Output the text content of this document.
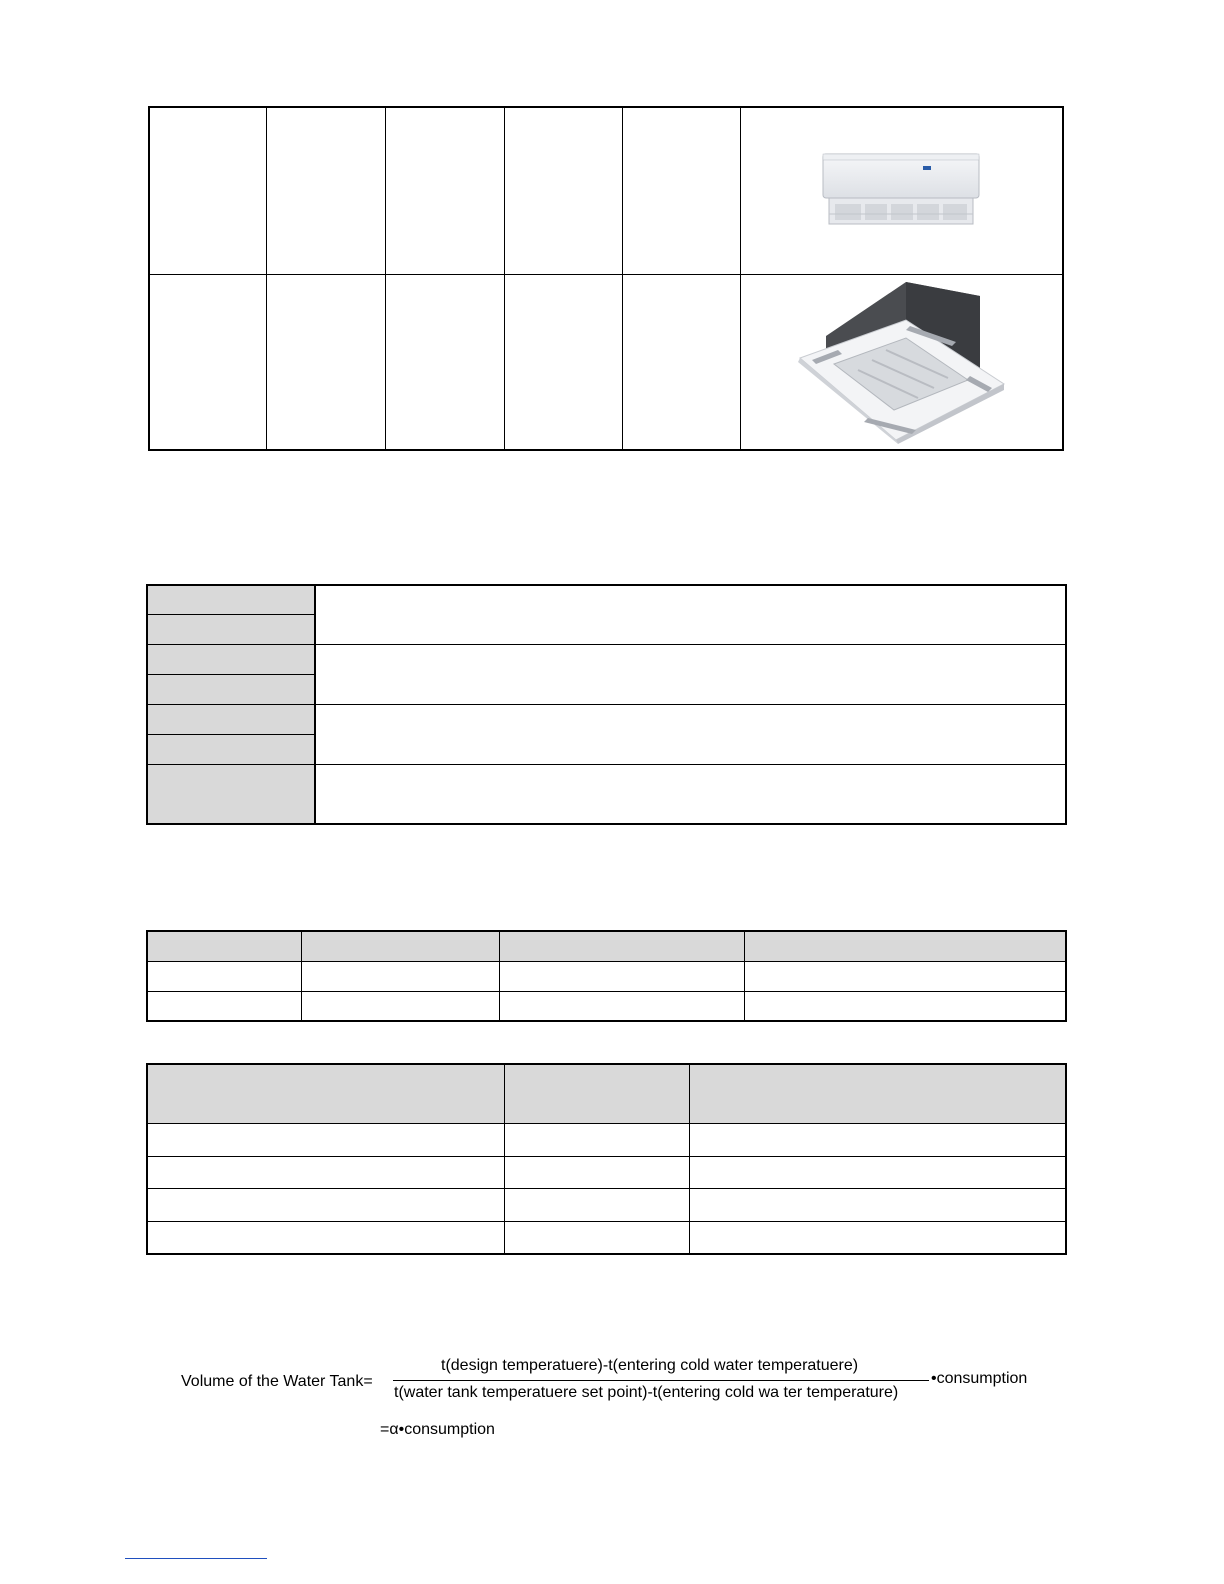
Volume of the Water Tank=
t(design temperatuere)-t(entering cold water temperatuere)
t(water tank temperatuere set point)-t(entering cold wa ter temperature)
•consumption
=α•consumption
